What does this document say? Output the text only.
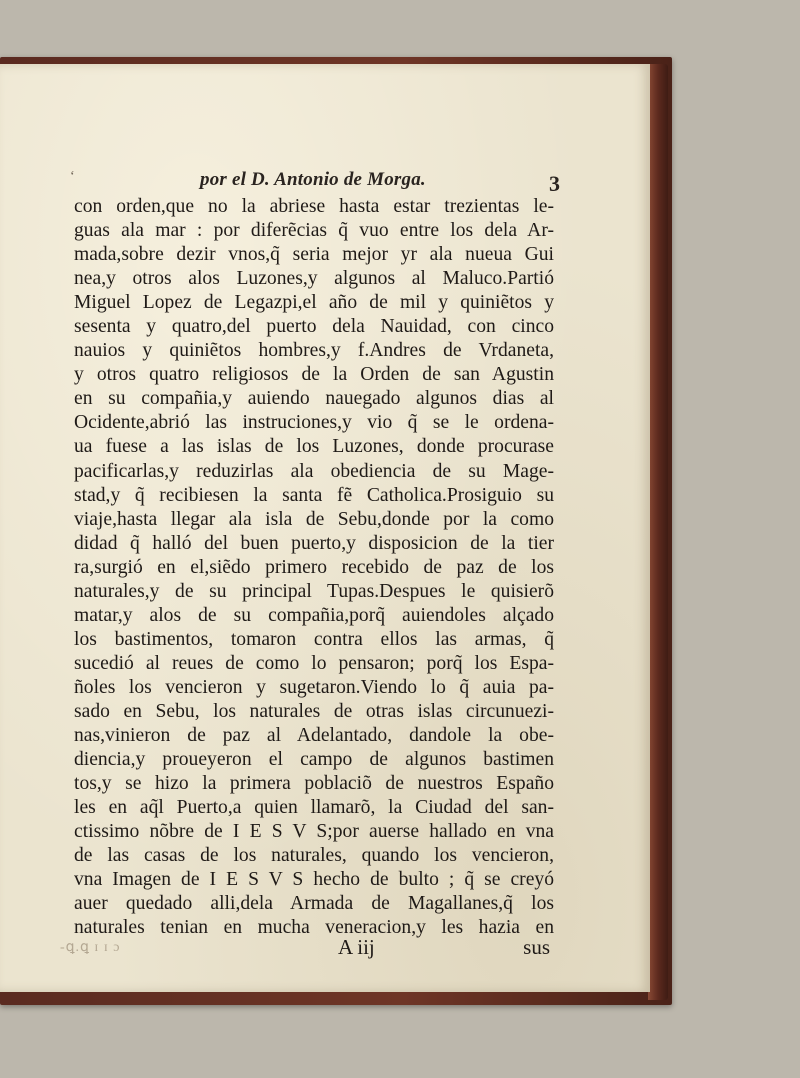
‘	por el D. Antonio de Morga.	3
con orden,que no la abriese hasta estar trezientas le-
guas ala mar : por diferẽcias q̃ vuo entre los dela Ar-
mada,sobre dezir vnos,q̃ seria mejor yr ala nueua Gui
nea,y otros alos Luzones,y algunos al Maluco.Partió
Miguel Lopez de Legazpi,el año de mil y quiniẽtos y
sesenta y quatro,del puerto dela Nauidad, con cinco
nauios y quiniẽtos hombres,y f.Andres de Vrdaneta,
y otros quatro religiosos de la Orden de san Agustin
en su compañia,y auiendo nauegado algunos dias al
Ocidente,abrió las instruciones,y vio q̃ se le ordena-
ua fuese a las islas de los Luzones, donde procurase
pacificarlas,y reduzirlas ala obediencia de su Mage-
stad,y q̃ recibiesen la santa fẽ Catholica.Prosiguio su
viaje,hasta llegar ala isla de Sebu,donde por la como
didad q̃ halló del buen puerto,y disposicion de la tier
ra,surgió en el,siẽdo primero recebido de paz de los
naturales,y de su principal Tupas.Despues le quisierõ
matar,y alos de su compañia,porq̃ auiendoles alçado
los bastimentos, tomaron contra ellos las armas, q̃
sucedió al reues de como lo pensaron; porq̃ los Espa-
ñoles los vencieron y sugetaron.Viendo lo q̃ auia pa-
sado en Sebu, los naturales de otras islas circunuezi-
nas,vinieron de paz al Adelantado, dandole la obe-
diencia,y proueyeron el campo de algunos bastimen
tos,y se hizo la primera poblaciõ de nuestros Españo
les en aq̃l Puerto,a quien llamarõ, la Ciudad del san-
ctissimo nõbre de I E S V S;por auerse hallado en vna
de las casas de los naturales, quando los vencieron,
vna Imagen de I E S V S hecho de bulto ; q̃ se creyó
auer quedado alli,dela Armada de Magallanes,q̃ los
naturales tenian en mucha veneracion,y les hazia en
-ꝗ.ꝗ ɪ ɪ ɔ	A iij	sus
